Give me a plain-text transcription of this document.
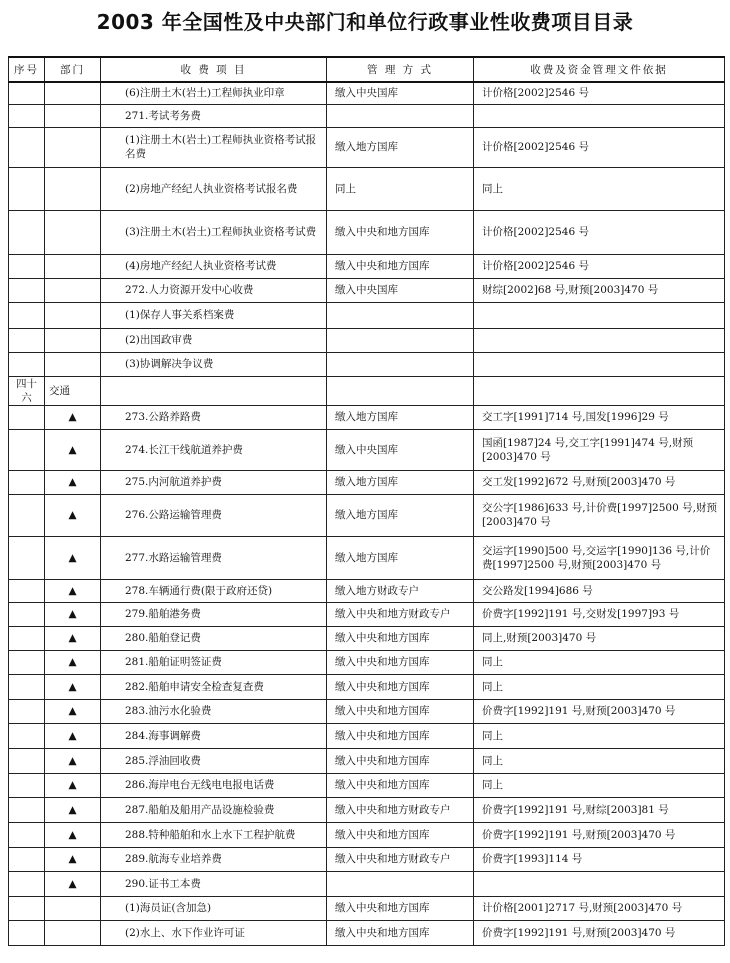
2003 年全国性及中央部门和单位行政事业性收费项目目录
序号	部门	收 费 项 目	管 理 方 式	收费及资金管理文件依据
		(6)注册土木(岩土)工程师执业印章	缴入中央国库	计价格[2002]2546 号
		271.考试考务费		
		(1)注册土木(岩土)工程师执业资格考试报名费	缴入地方国库	计价格[2002]2546 号
		(2)房地产经纪人执业资格考试报名费	同上	同上
		(3)注册土木(岩土)工程师执业资格考试费	缴入中央和地方国库	计价格[2002]2546 号
		(4)房地产经纪人执业资格考试费	缴入中央和地方国库	计价格[2002]2546 号
		272.人力资源开发中心收费	缴入中央国库	财综[2002]68 号,财预[2003]470 号
		(1)保存人事关系档案费		
		(2)出国政审费		
		(3)协调解决争议费		
四十六	交通			
	▲	273.公路养路费	缴入地方国库	交工字[1991]714 号,国发[1996]29 号
	▲	274.长江干线航道养护费	缴入中央国库	国函[1987]24 号,交工字[1991]474 号,财预[2003]470 号
	▲	275.内河航道养护费	缴入地方国库	交工发[1992]672 号,财预[2003]470 号
	▲	276.公路运输管理费	缴入地方国库	交公字[1986]633 号,计价费[1997]2500 号,财预[2003]470 号
	▲	277.水路运输管理费	缴入地方国库	交运字[1990]500 号,交运字[1990]136 号,计价费[1997]2500 号,财预[2003]470 号
	▲	278.车辆通行费(限于政府还贷)	缴入地方财政专户	交公路发[1994]686 号
	▲	279.船舶港务费	缴入中央和地方财政专户	价费字[1992]191 号,交财发[1997]93 号
	▲	280.船舶登记费	缴入中央和地方国库	同上,财预[2003]470 号
	▲	281.船舶证明签证费	缴入中央和地方国库	同上
	▲	282.船舶申请安全检查复查费	缴入中央和地方国库	同上
	▲	283.油污水化验费	缴入中央和地方国库	价费字[1992]191 号,财预[2003]470 号
	▲	284.海事调解费	缴入中央和地方国库	同上
	▲	285.浮油回收费	缴入中央和地方国库	同上
	▲	286.海岸电台无线电电报电话费	缴入中央和地方国库	同上
	▲	287.船舶及船用产品设施检验费	缴入中央和地方财政专户	价费字[1992]191 号,财综[2003]81 号
	▲	288.特种船舶和水上水下工程护航费	缴入中央和地方国库	价费字[1992]191 号,财预[2003]470 号
	▲	289.航海专业培养费	缴入中央和地方财政专户	价费字[1993]114 号
	▲	290.证书工本费		
		(1)海员证(含加急)	缴入中央和地方国库	计价格[2001]2717 号,财预[2003]470 号
		(2)水上、水下作业许可证	缴入中央和地方国库	价费字[1992]191 号,财预[2003]470 号
